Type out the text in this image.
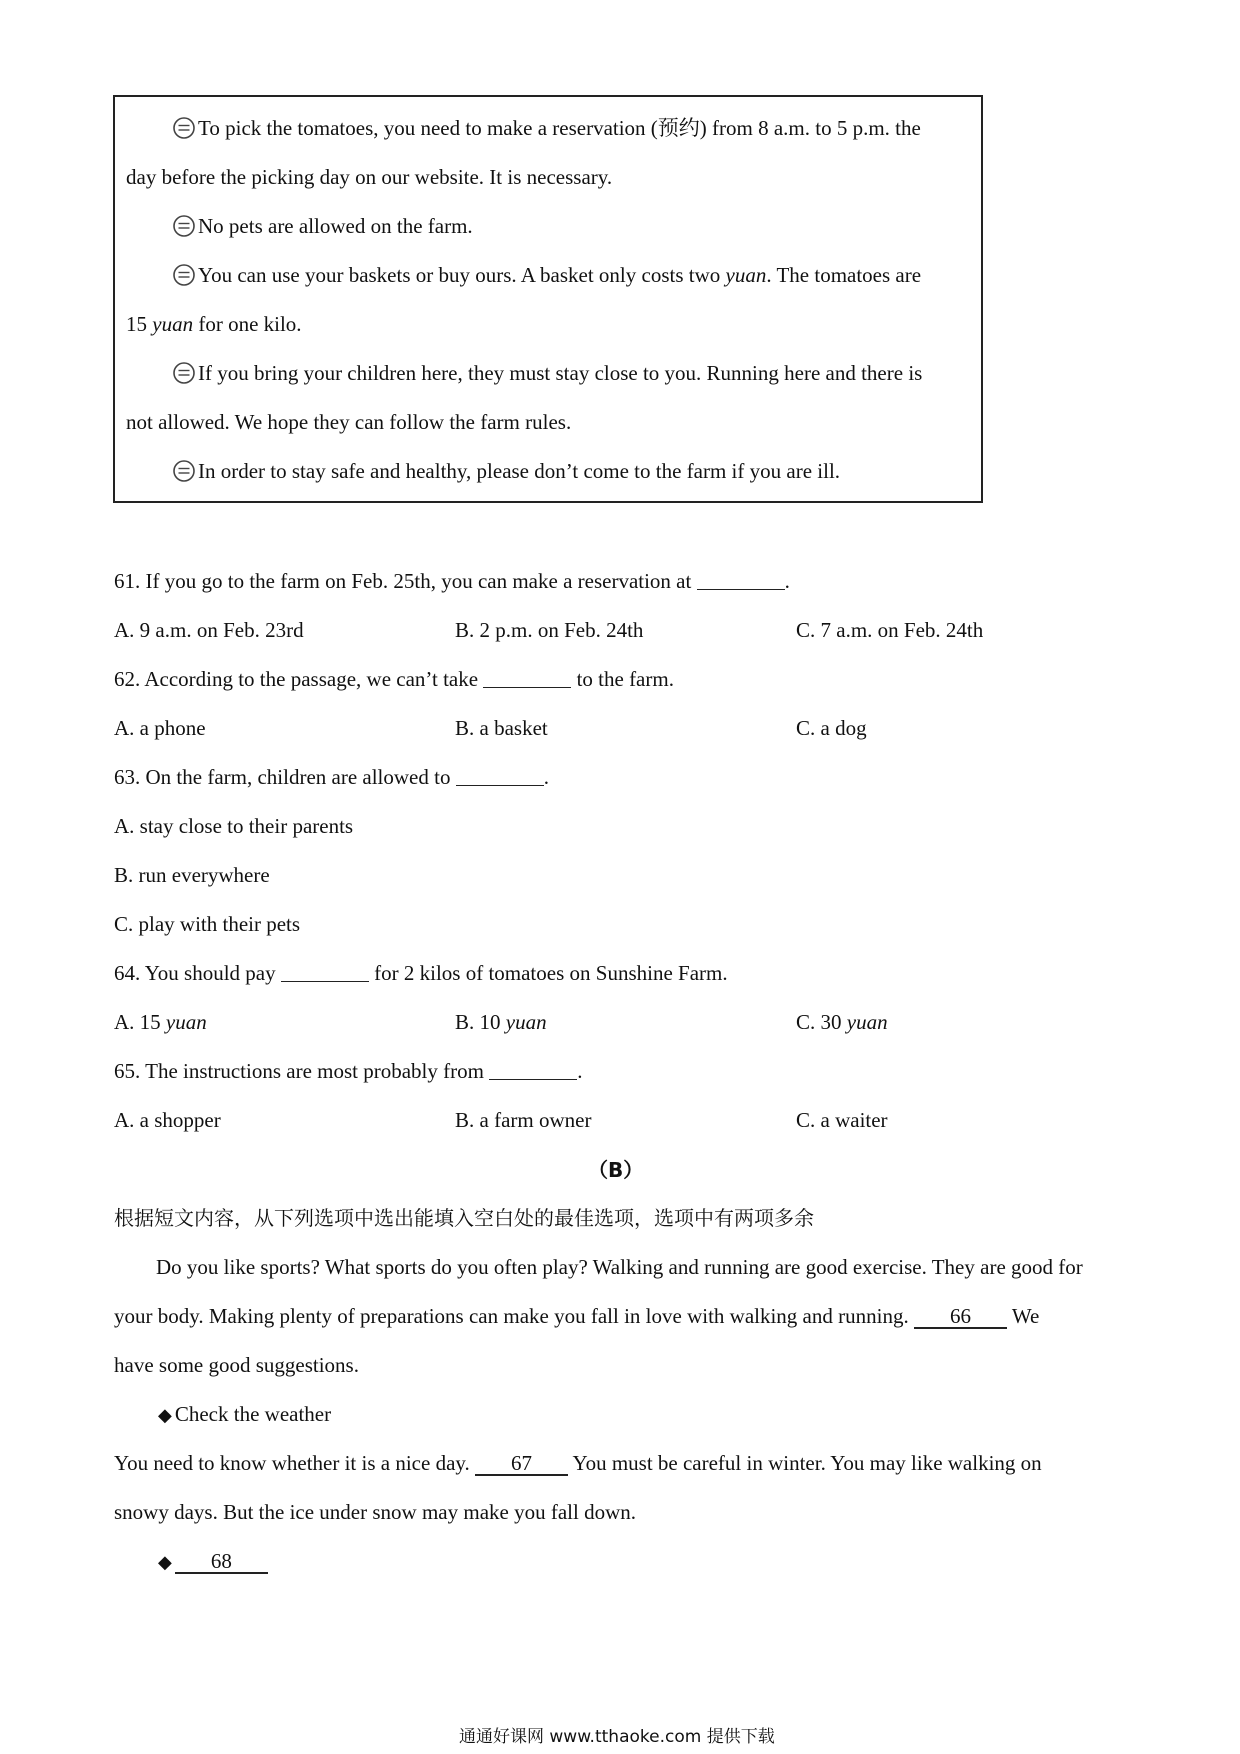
To pick the tomatoes, you need to make a reservation (预约) from 8 a.m. to 5 p.m. the
day before the picking day on our website. It is necessary.
No pets are allowed on the farm.
You can use your baskets or buy ours. A basket only costs two yuan. The tomatoes are
15 yuan for one kilo.
If you bring your children here, they must stay close to you. Running here and there is
not allowed. We hope they can follow the farm rules.
In order to stay safe and healthy, please don’t come to the farm if you are ill.
61. If you go to the farm on Feb. 25th, you can make a reservation at	.
A. 9 a.m. on Feb. 23rd	B. 2 p.m. on Feb. 24th	C. 7 a.m. on Feb. 24th
62. According to the passage, we can’t take	to the farm.
A. a phone	B. a basket	C. a dog
63. On the farm, children are allowed to	.
A. stay close to their parents
B. run everywhere
C. play with their pets
64. You should pay	for 2 kilos of tomatoes on Sunshine Farm.
A. 15 yuan	B. 10 yuan	C. 30 yuan
65. The instructions are most probably from	.
A. a shopper	B. a farm owner	C. a waiter
（B）
根据短文内容，从下列选项中选出能填入空白处的最佳选项，选项中有两项多余
Do you like sports? What sports do you often play? Walking and running are good exercise. They are good for
your body. Making plenty of preparations can make you fall in love with walking and running. 66 We
have some good suggestions.
◆ Check the weather
You need to know whether it is a nice day. 67 You must be careful in winter. You may like walking on
snowy days. But the ice under snow may make you fall down.
◆ 68
通通好课网 www.tthaoke.com 提供下载
